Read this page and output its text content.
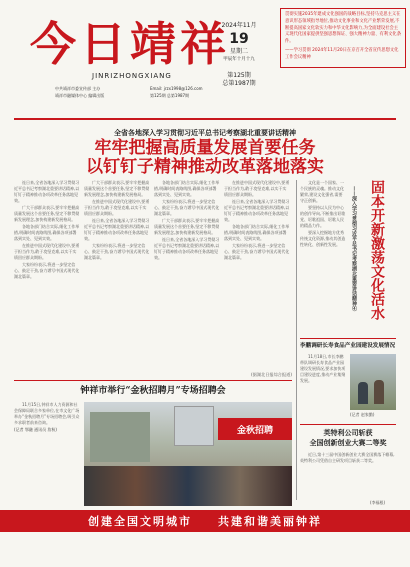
今日靖祥
JINRIZHONGXIANG
中共靖祥市委宣传部 主办
靖祥市融媒体中心 编辑出版
Email: jrzx1998@126.com
第125期 总第1987期
2024年11月
19
星期二
甲辰年十月十九
第125期
总第1987期
贯彻实施2035年建成文化强国的战略目标,坚持马克思主义在意识形态领域指导地位,推动文化事业和文化产业繁荣发展,不断提高国家文化软实力和中华文化影响力,为全面建设社会主义现代化国家提供坚强思想保证、强大精神力量、有利文化条件。
——学习贯彻 2024年11月20日在京召开全省宣传思想文化工作会议精神
全省各地深入学习贯彻习近平总书记考察湖北重要讲话精神
牢牢把握高质量发展首要任务
以钉钉子精神推动改革落地落实

连日来,全省各地深入学习贯彻习近平总书记考察湖北重要讲话精神,以钉钉子精神推动各项改革任务落地见效。

广大干部群众表示,要牢牢把握高质量发展这个首要任务,坚定不移贯彻新发展理念,加快构建新发展格局。

各地各部门结合实际,细化工作举措,明确时间表路线图,确保各项部署落到实处、见到实效。

在推进中国式现代化建设中,要勇于担当作为,敢于攻坚克难,以实干实绩回应群众期盼。

大家纷纷表示,将进一步坚定信心、鼓足干劲,奋力谱写中国式现代化湖北篇章。

广大干部群众表示,要牢牢把握高质量发展这个首要任务,坚定不移贯彻新发展理念,加快构建新发展格局。

在推进中国式现代化建设中,要勇于担当作为,敢于攻坚克难,以实干实绩回应群众期盼。

连日来,全省各地深入学习贯彻习近平总书记考察湖北重要讲话精神,以钉钉子精神推动各项改革任务落地见效。

大家纷纷表示,将进一步坚定信心、鼓足干劲,奋力谱写中国式现代化湖北篇章。

各地各部门结合实际,细化工作举措,明确时间表路线图,确保各项部署落到实处、见到实效。

大家纷纷表示,将进一步坚定信心、鼓足干劲,奋力谱写中国式现代化湖北篇章。

广大干部群众表示,要牢牢把握高质量发展这个首要任务,坚定不移贯彻新发展理念,加快构建新发展格局。

连日来,全省各地深入学习贯彻习近平总书记考察湖北重要讲话精神,以钉钉子精神推动各项改革任务落地见效。

在推进中国式现代化建设中,要勇于担当作为,敢于攻坚克难,以实干实绩回应群众期盼。

连日来,全省各地深入学习贯彻习近平总书记考察湖北重要讲话精神,以钉钉子精神推动各项改革任务落地见效。

各地各部门结合实际,细化工作举措,明确时间表路线图,确保各项部署落到实处、见到实效。

大家纷纷表示,将进一步坚定信心、鼓足干劲,奋力谱写中国式现代化湖北篇章。

(据湖北日报综合报道)
固本开新激荡文化活水
——深入学习贯彻习近平总书记考察湖北重要讲话精神④

文化是一个国家、一个民族的灵魂。推动文化繁荣,建设文化强省,需要守正创新。

要坚持以人民为中心的创作导向,不断推出讴歌党、讴歌祖国、讴歌人民的精品力作。

要深入挖掘地方优秀传统文化资源,推动其创造性转化、创新性发展。

李鹏调研长寿食品产业园建设发展情况

11月18日,市长李鹏带队调研长寿食品产业园建设发展情况,要求加快项目建设进度,推动产业集聚发展。

(记者 赵家勤)
英特利公司斩获
全国创新创业大赛二等奖

近日,第十三届中国创新创业大赛全国赛落下帷幕,英特利公司凭借自主研发项目斩获二等奖。

(李福根)
钟祥市举行“金秋招聘月”专场招聘会

11月15日,钟祥市人力资源和社会保障局联合多家单位,在市文化广场举办“金秋招聘月”专场招聘会,吸引众多求职者前来咨询。

(记者 鄂融 通讯员 詹秋)	金秋招聘
创建全国文明城市 共建和谐美丽钟祥
